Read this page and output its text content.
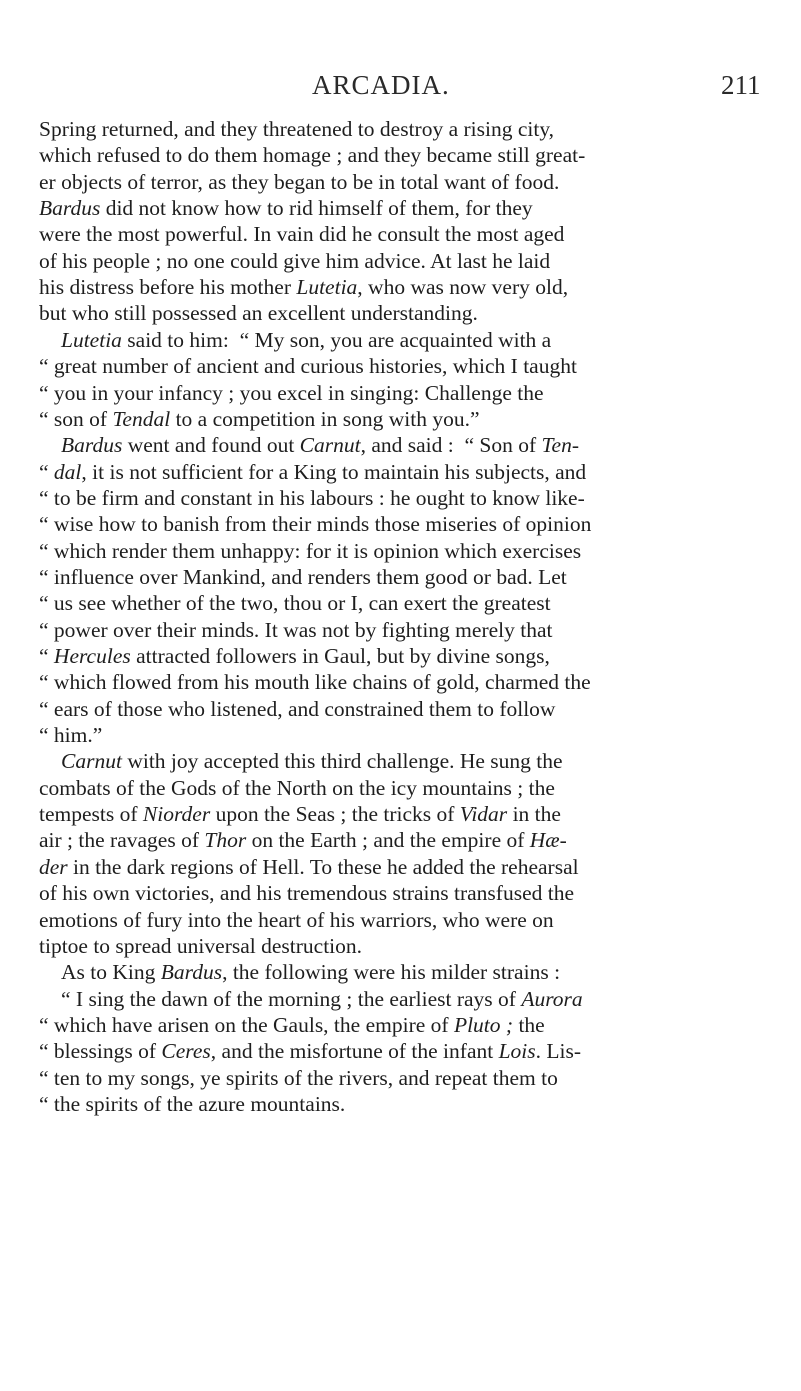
ARCADIA.	211
Spring returned, and they threatened to destroy a rising city,
which refused to do them homage ; and they became still great-
er objects of terror, as they began to be in total want of food.
Bardus did not know how to rid himself of them, for they
were the most powerful. In vain did he consult the most aged
of his people ; no one could give him advice. At last he laid
his distress before his mother Lutetia, who was now very old,
but who still possessed an excellent understanding.
Lutetia said to him:  “ My son, you are acquainted with a
“ great number of ancient and curious histories, which I taught
“ you in your infancy ; you excel in singing: Challenge the
“ son of Tendal to a competition in song with you.”
Bardus went and found out Carnut, and said :  “ Son of Ten-
“ dal, it is not sufficient for a King to maintain his subjects, and
“ to be firm and constant in his labours : he ought to know like-
“ wise how to banish from their minds those miseries of opinion
“ which render them unhappy: for it is opinion which exercises
“ influence over Mankind, and renders them good or bad. Let
“ us see whether of the two, thou or I, can exert the greatest
“ power over their minds. It was not by fighting merely that
“ Hercules attracted followers in Gaul, but by divine songs,
“ which flowed from his mouth like chains of gold, charmed the
“ ears of those who listened, and constrained them to follow
“ him.”
Carnut with joy accepted this third challenge. He sung the
combats of the Gods of the North on the icy mountains ; the
tempests of Niorder upon the Seas ; the tricks of Vidar in the
air ; the ravages of Thor on the Earth ; and the empire of Hæ-
der in the dark regions of Hell. To these he added the rehearsal
of his own victories, and his tremendous strains transfused the
emotions of fury into the heart of his warriors, who were on
tiptoe to spread universal destruction.
As to King Bardus, the following were his milder strains :
“ I sing the dawn of the morning ; the earliest rays of Aurora
“ which have arisen on the Gauls, the empire of Pluto ; the
“ blessings of Ceres, and the misfortune of the infant Lois. Lis-
“ ten to my songs, ye spirits of the rivers, and repeat them to
“ the spirits of the azure mountains.
